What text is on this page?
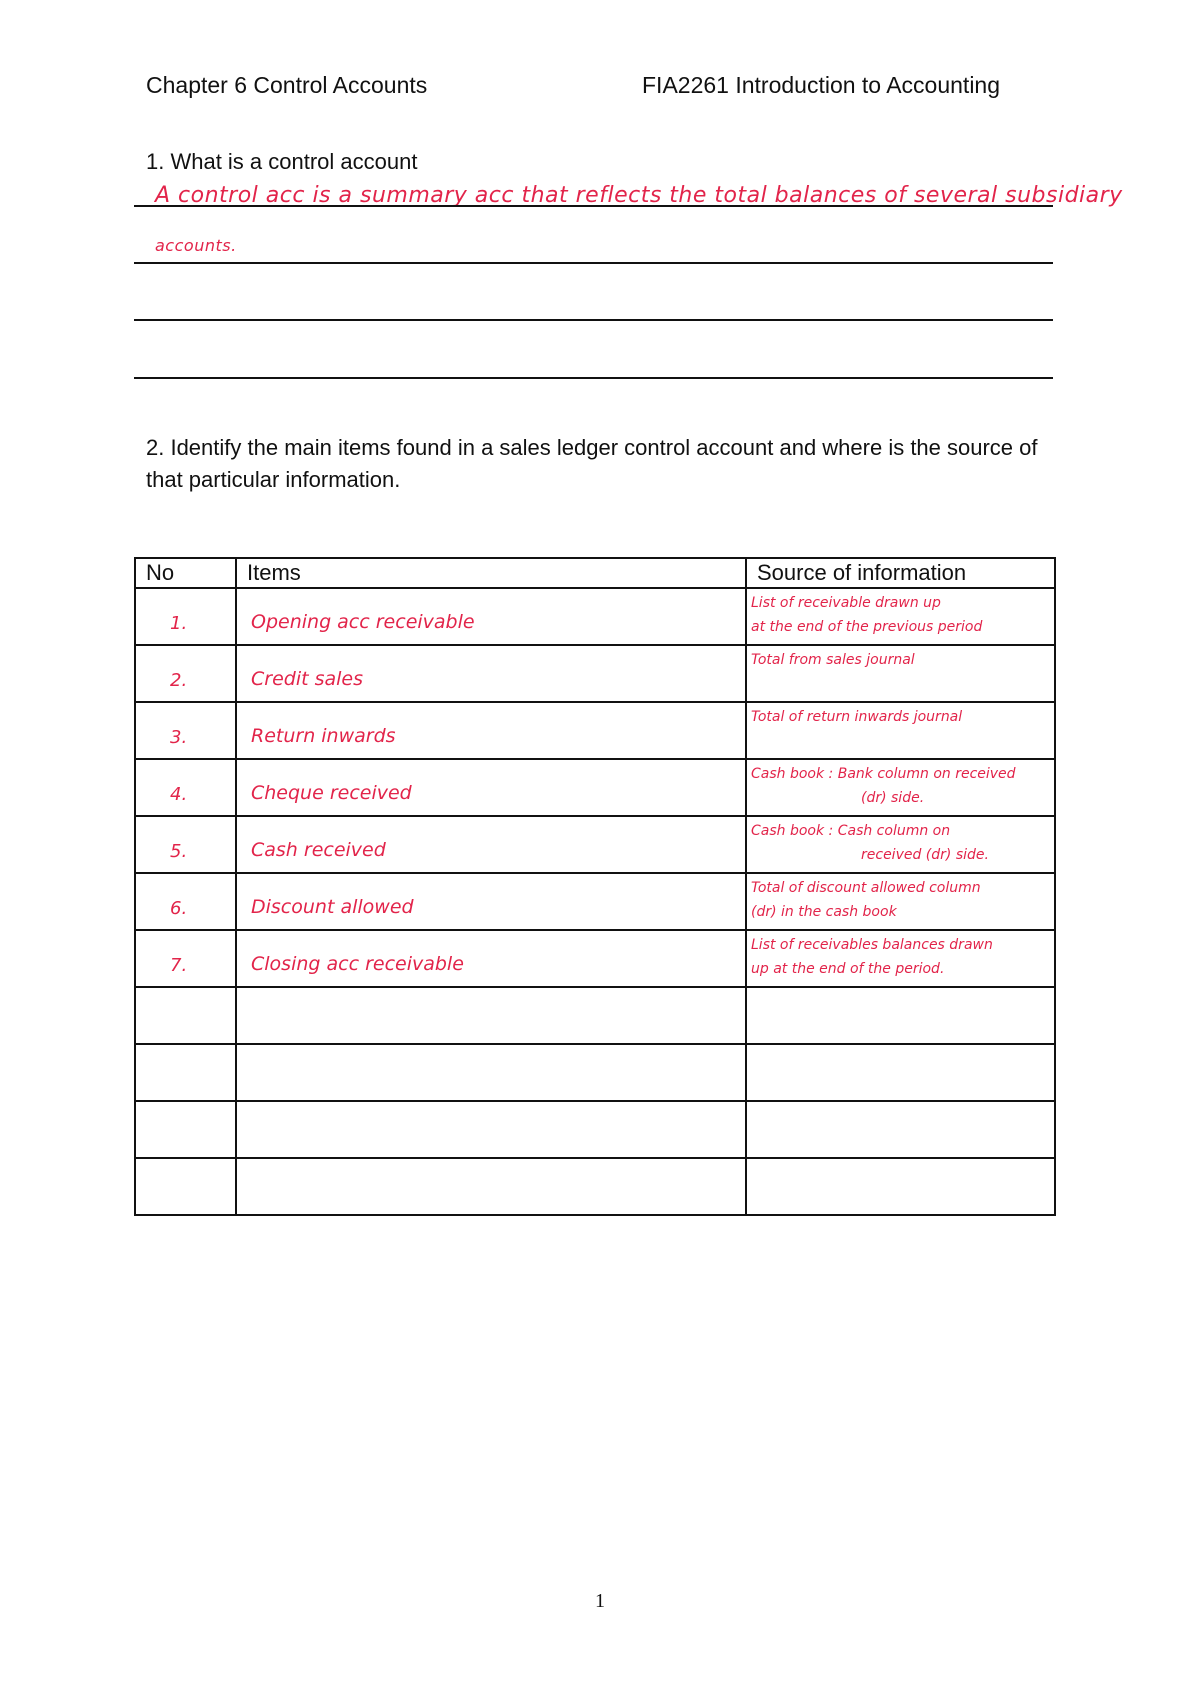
Chapter 6 Control Accounts	FIA2261 Introduction to Accounting
1. What is a control account
A control acc is a summary acc that reflects the total balances of several subsidiary
accounts.
2. Identify the main items found in a sales ledger control account and where is the source of that particular information.
No	Items	Source of information

1.	Opening acc receivable	List of receivable drawn up
at the end of the previous period

2.	Credit sales	Total from sales journal

3.	Return inwards	Total of return inwards journal

4.	Cheque received	Cash book : Bank column on received
(dr) side.

5.	Cash received	Cash book : Cash column on
received (dr) side.

6.	Discount allowed	Total of discount allowed column
(dr) in the cash book

7.	Closing acc receivable	List of receivables balances drawn
up at the end of the period.

1
